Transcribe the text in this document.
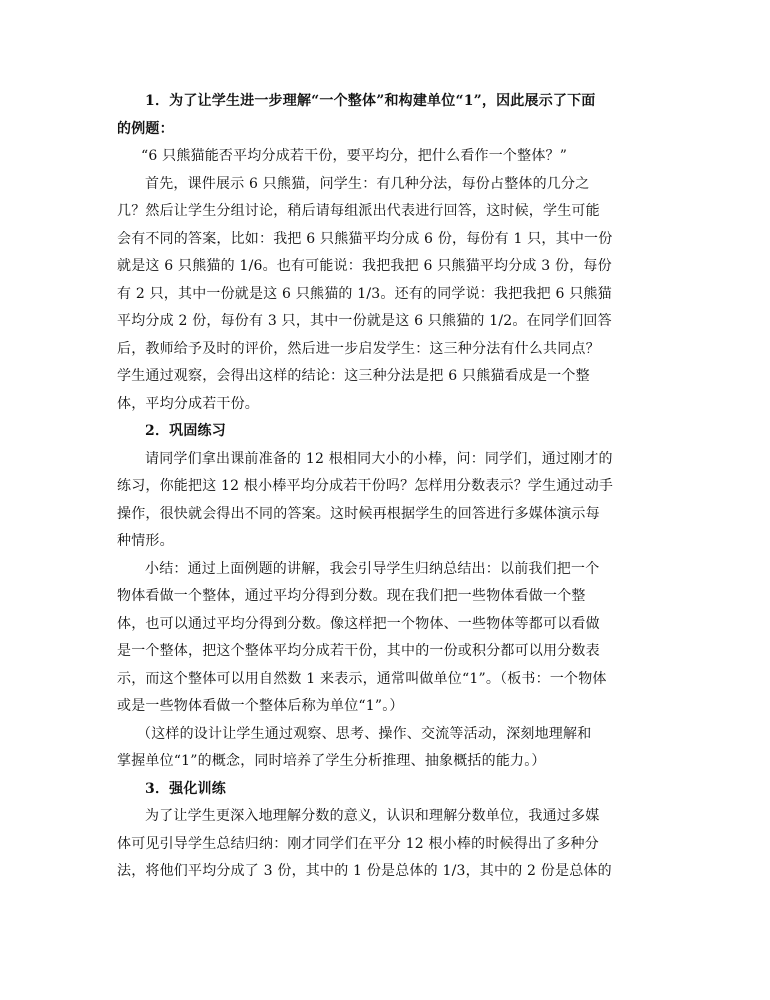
1．为了让学生进一步理解“一个整体”和构建单位“1”，因此展示了下面
的例题：
“6 只熊猫能否平均分成若干份，要平均分，把什么看作一个整体？”
首先，课件展示 6 只熊猫，问学生：有几种分法，每份占整体的几分之
几？然后让学生分组讨论，稍后请每组派出代表进行回答，这时候，学生可能
会有不同的答案，比如：我把 6 只熊猫平均分成 6 份，每份有 1 只，其中一份
就是这 6 只熊猫的 1/6。也有可能说：我把我把 6 只熊猫平均分成 3 份，每份
有 2 只，其中一份就是这 6 只熊猫的 1/3。还有的同学说：我把我把 6 只熊猫
平均分成 2 份，每份有 3 只，其中一份就是这 6 只熊猫的 1/2。在同学们回答
后，教师给予及时的评价，然后进一步启发学生：这三种分法有什么共同点？
学生通过观察，会得出这样的结论：这三种分法是把 6 只熊猫看成是一个整
体，平均分成若干份。
2．巩固练习
请同学们拿出课前准备的 12 根相同大小的小棒，问：同学们，通过刚才的
练习，你能把这 12 根小棒平均分成若干份吗？怎样用分数表示？学生通过动手
操作，很快就会得出不同的答案。这时候再根据学生的回答进行多媒体演示每
种情形。
小结：通过上面例题的讲解，我会引导学生归纳总结出：以前我们把一个
物体看做一个整体，通过平均分得到分数。现在我们把一些物体看做一个整
体，也可以通过平均分得到分数。像这样把一个物体、一些物体等都可以看做
是一个整体，把这个整体平均分成若干份，其中的一份或积分都可以用分数表
示，而这个整体可以用自然数 1 来表示，通常叫做单位“1”。（板书：一个物体
或是一些物体看做一个整体后称为单位“1”。）
（这样的设计让学生通过观察、思考、操作、交流等活动，深刻地理解和
掌握单位“1”的概念，同时培养了学生分析推理、抽象概括的能力。）
3．强化训练
为了让学生更深入地理解分数的意义，认识和理解分数单位，我通过多媒
体可见引导学生总结归纳：刚才同学们在平分 12 根小棒的时候得出了多种分
法，将他们平均分成了 3 份，其中的 1 份是总体的 1/3，其中的 2 份是总体的
